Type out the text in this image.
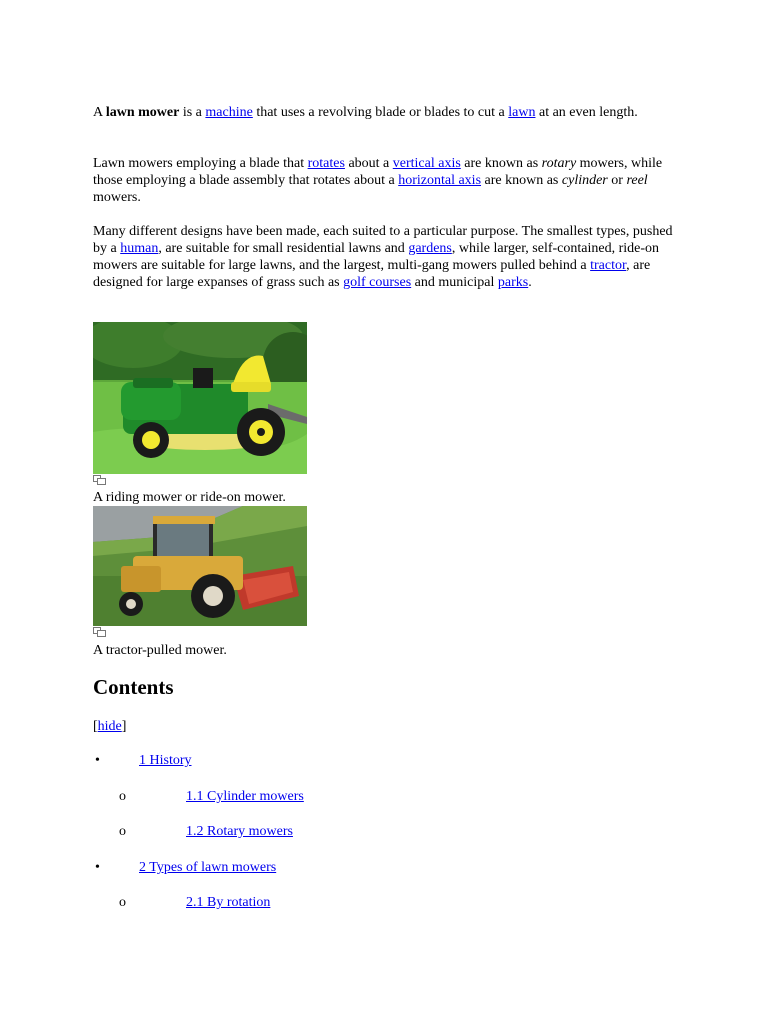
A lawn mower is a machine that uses a revolving blade or blades to cut a lawn at an even length.

Lawn mowers employing a blade that rotates about a vertical axis are known as rotary mowers, while those employing a blade assembly that rotates about a horizontal axis are known as cylinder or reel mowers.

Many different designs have been made, each suited to a particular purpose. The smallest types, pushed by a human, are suitable for small residential lawns and gardens, while larger, self-contained, ride-on mowers are suitable for large lawns, and the largest, multi-gang mowers pulled behind a tractor, are designed for large expanses of grass such as golf courses and municipal parks.

A riding mower or ride-on mower.

A tractor-pulled mower.

Contents
[hide]
•	1 History
o	1.1 Cylinder mowers
o	1.2 Rotary mowers
•	2 Types of lawn mowers
o	2.1 By rotation
